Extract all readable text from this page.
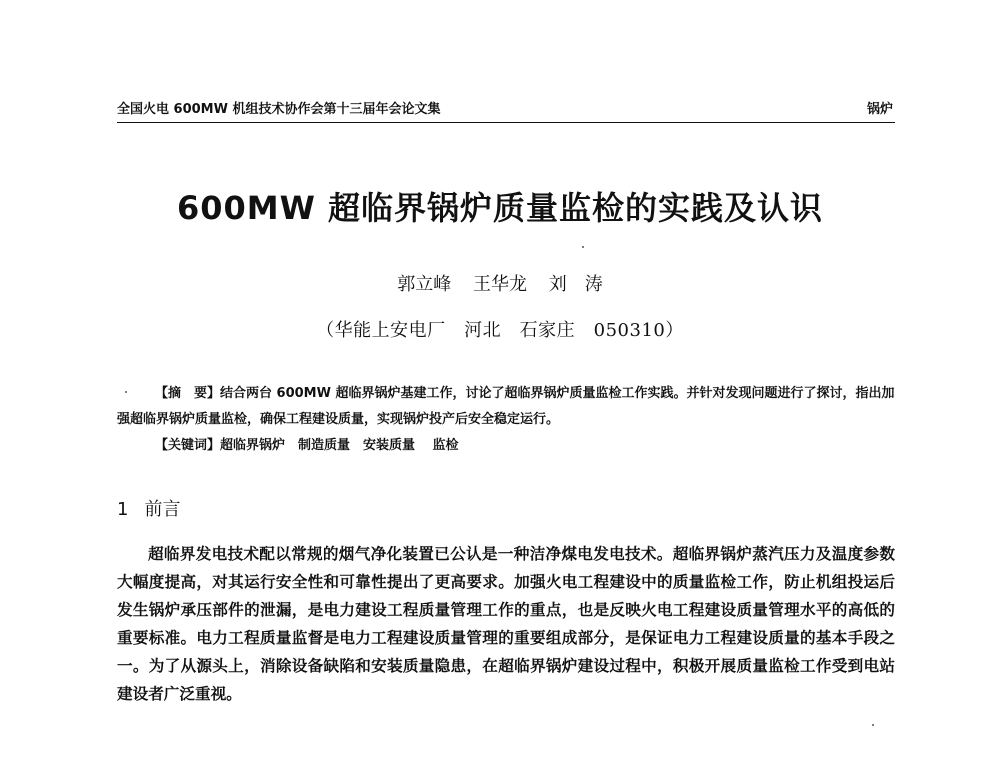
全国火电 600MW 机组技术协作会第十三届年会论文集	锅炉
600MW 超临界锅炉质量监检的实践及认识
郭立峰 王华龙 刘　涛
（华能上安电厂　河北　石家庄　050310）

【摘　要】结合两台 600MW 超临界锅炉基建工作，讨论了超临界锅炉质量监检工作实践。并针对发现问题进行了探讨，指出加强超临界锅炉质量监检，确保工程建设质量，实现锅炉投产后安全稳定运行。

【关键词】超临界锅炉　制造质量　安装质量　 监检

1 前言

超临界发电技术配以常规的烟气净化装置已公认是一种洁净煤电发电技术。超临界锅炉蒸汽压力及温度参数大幅度提高，对其运行安全性和可靠性提出了更高要求。加强火电工程建设中的质量监检工作，防止机组投运后发生锅炉承压部件的泄漏，是电力建设工程质量管理工作的重点，也是反映火电工程建设质量管理水平的高低的重要标准。电力工程质量监督是电力工程建设质量管理的重要组成部分，是保证电力工程建设质量的基本手段之一。为了从源头上，消除设备缺陷和安装质量隐患，在超临界锅炉建设过程中，积极开展质量监检工作受到电站建设者广泛重视。
